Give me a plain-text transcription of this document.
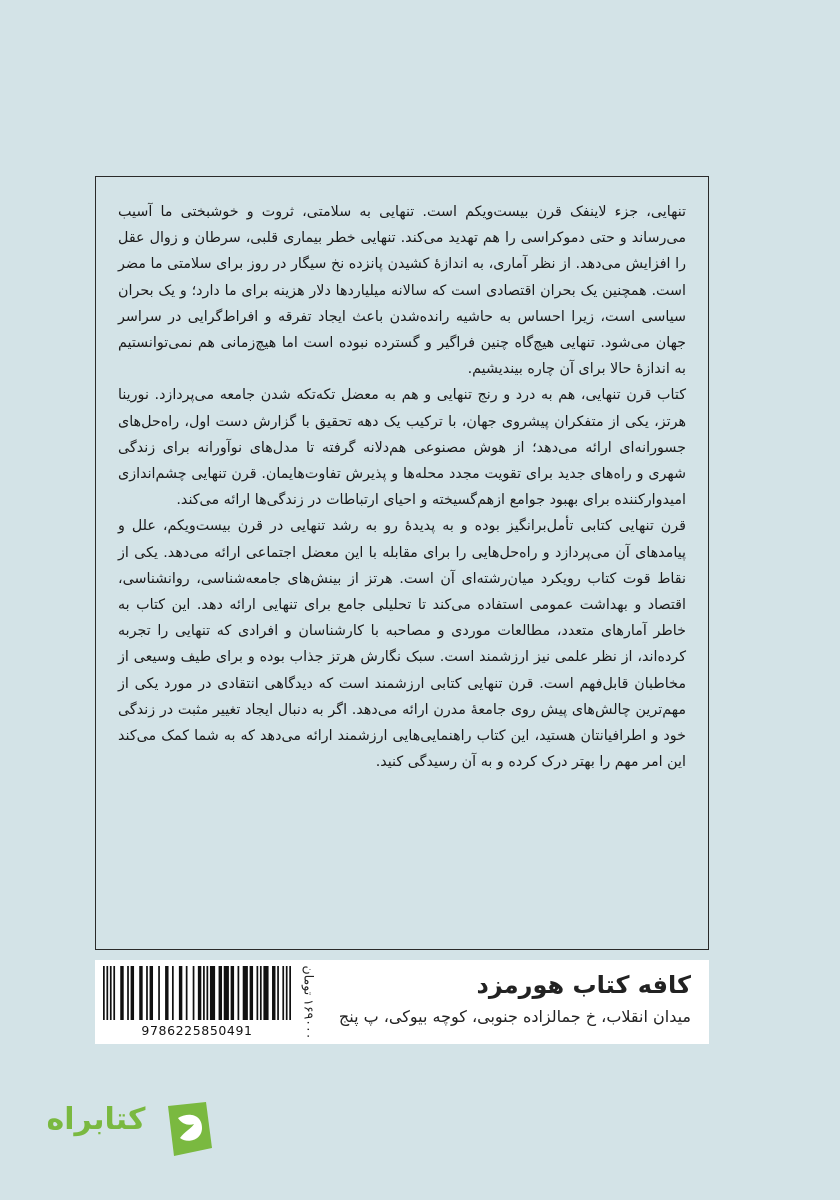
تنهایی، جزء لاینفک قرن بیست‌ویکم است. تنهایی به سلامتی، ثروت و خوشبختی ما آسیب می‌رساند و حتی دموکراسی را هم تهدید می‌کند. تنهایی خطر بیماری قلبی، سرطان و زوال عقل را افزایش می‌دهد. از نظر آماری، به اندازهٔ کشیدن پانزده نخ سیگار در روز برای سلامتی ما مضر است. همچنین یک بحران اقتصادی است که سالانه میلیاردها دلار هزینه برای ما دارد؛ و یک بحران سیاسی است، زیرا احساس به حاشیه رانده‌شدن باعث ایجاد تفرقه و افراط‌گرایی در سراسر جهان می‌شود. تنهایی هیچ‌گاه چنین فراگیر و گسترده نبوده است اما هیچ‌زمانی هم نمی‌توانستیم به اندازهٔ حالا برای آن چاره بیندیشیم.

کتاب قرن تنهایی، هم به درد و رنج تنهایی و هم به معضل تکه‌تکه شدن جامعه می‌پردازد. نورینا هرتز، یکی از متفکران پیشروی جهان، با ترکیب یک دهه تحقیق با گزارش دست اول، راه‌حل‌های جسورانه‌ای ارائه می‌دهد؛ از هوش مصنوعی هم‌دلانه گرفته تا مدل‌های نوآورانه برای زندگی شهری و راه‌های جدید برای تقویت مجدد محله‌ها و پذیرش تفاوت‌هایمان. قرن تنهایی چشم‌اندازی امیدوارکننده برای بهبود جوامع ازهم‌گسیخته و احیای ارتباطات در زندگی‌ها ارائه می‌کند.

قرن تنهایی کتابی تأمل‌برانگیز بوده و به پدیدهٔ رو به رشد تنهایی در قرن بیست‌ویکم، علل و پیامدهای آن می‌پردازد و راه‌حل‌هایی را برای مقابله با این معضل اجتماعی ارائه می‌دهد. یکی از نقاط قوت کتاب رویکرد میان‌رشته‌ای آن است. هرتز از بینش‌های جامعه‌شناسی، روانشناسی، اقتصاد و بهداشت عمومی استفاده می‌کند تا تحلیلی جامع برای تنهایی ارائه دهد. این کتاب به خاطر آمارهای متعدد، مطالعات موردی و مصاحبه با کارشناسان و افرادی که تنهایی را تجربه کرده‌اند، از نظر علمی نیز ارزشمند است. سبک نگارش هرتز جذاب بوده و برای طیف وسیعی از مخاطبان قابل‌فهم است. قرن تنهایی کتابی ارزشمند است که دیدگاهی انتقادی در مورد یکی از مهم‌ترین چالش‌های پیش روی جامعهٔ مدرن ارائه می‌دهد. اگر به دنبال ایجاد تغییر مثبت در زندگی خود و اطرافیانتان هستید، این کتاب راهنمایی‌هایی ارزشمند ارائه می‌دهد که به شما کمک می‌کند این امر مهم را بهتر درک کرده و به آن رسیدگی کنید.

9786225850491
۱۶۹۰۰۰ تومان
کافه کتاب هورمزد
میدان انقلاب، خ جمالزاده جنوبی، کوچه بیوکی، پ پنج
کتابراه
